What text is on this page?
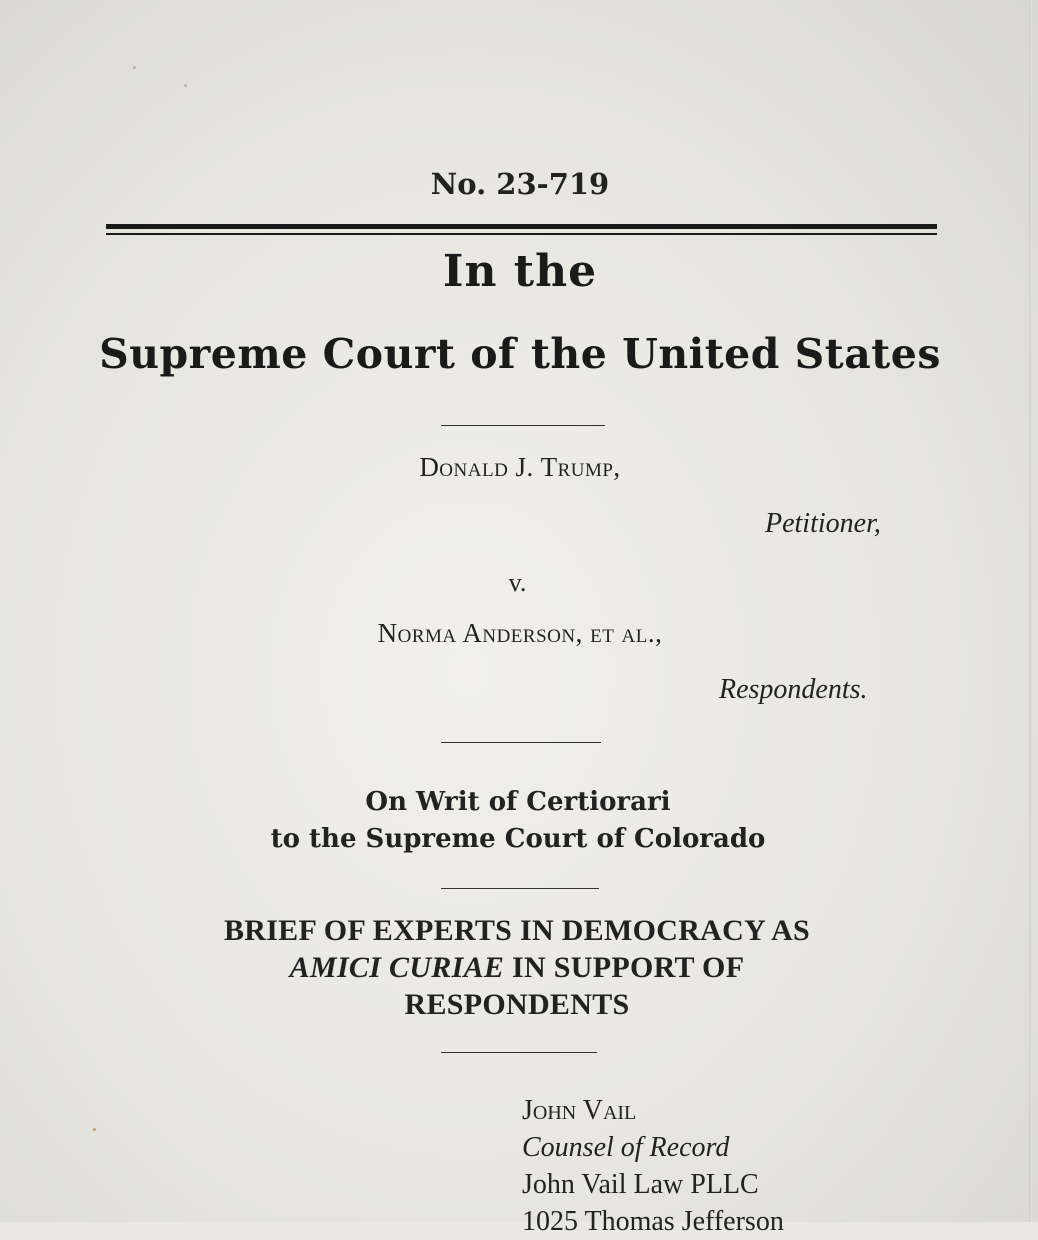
No. 23-719
In the
Supreme Court of the United States
Donald J. Trump,
Petitioner,
v.
Norma Anderson, et al.,
Respondents.
On Writ of Certiorari
to the Supreme Court of Colorado
BRIEF OF EXPERTS IN DEMOCRACY AS
AMICI CURIAE IN SUPPORT OF
RESPONDENTS
John Vail
Counsel of Record
John Vail Law PLLC
1025 Thomas Jefferson
